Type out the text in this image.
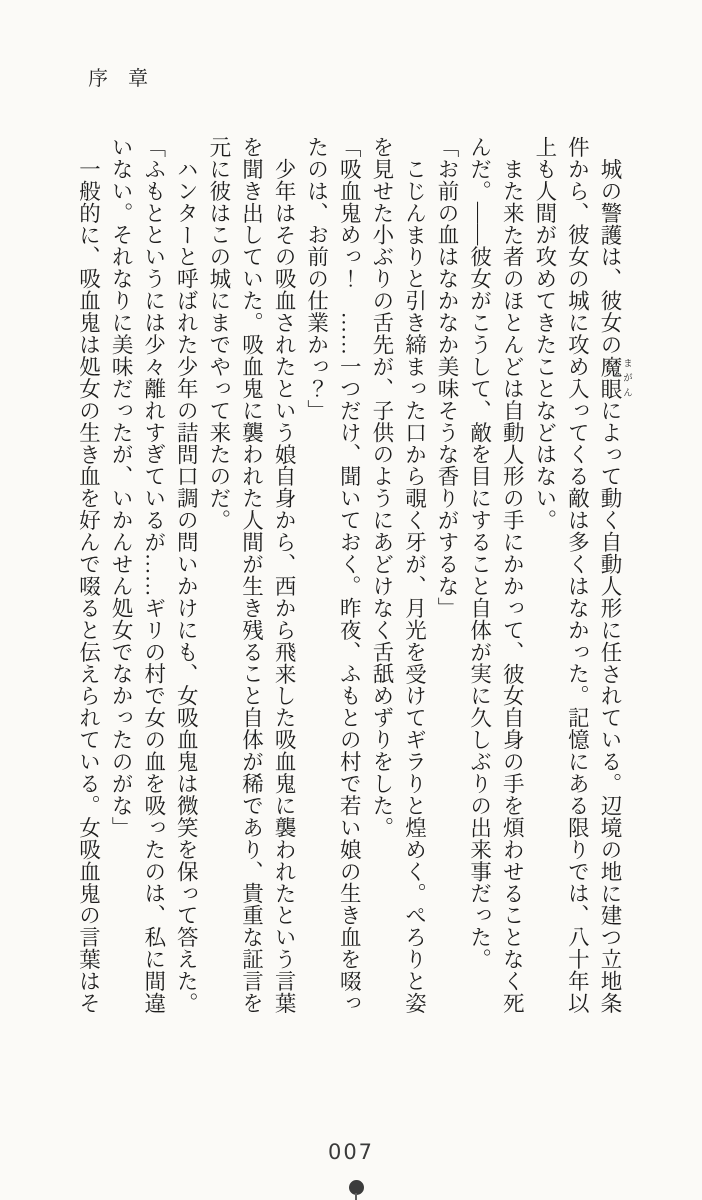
序　章
城の警護は、彼女の魔眼 まがんによって動く自動人形に任されている。辺境の地に建つ立地条
件から、彼女の城に攻め入ってくる敵は多くはなかった。記憶にある限りでは、八十年以
上も人間が攻めてきたことなどはない。
また来た者のほとんどは自動人形の手にかかって、彼女自身の手を煩わせることなく死
んだ。――彼女がこうして、敵を目にすること自体が実に久しぶりの出来事だった。
「お前の血はなかなか美味そうな香りがするな」
こじんまりと引き締まった口から覗く牙が、月光を受けてギラりと煌めく。ぺろりと姿
を見せた小ぶりの舌先が、子供のようにあどけなく舌舐めずりをした。
「吸血鬼めっ！　……一つだけ、聞いておく。昨夜、ふもとの村で若い娘の生き血を啜っ
たのは、お前の仕業かっ？」
少年はその吸血されたという娘自身から、西から飛来した吸血鬼に襲われたという言葉
を聞き出していた。吸血鬼に襲われた人間が生き残ること自体が稀であり、貴重な証言を
元に彼はこの城にまでやって来たのだ。
ハンターと呼ばれた少年の詰問口調の問いかけにも、女吸血鬼は微笑を保って答えた。
「ふもとというには少々離れすぎているが……ギリの村で女の血を吸ったのは、私に間違
いない。それなりに美味だったが、いかんせん処女でなかったのがな」
一般的に、吸血鬼は処女の生き血を好んで啜ると伝えられている。女吸血鬼の言葉はそ
007
